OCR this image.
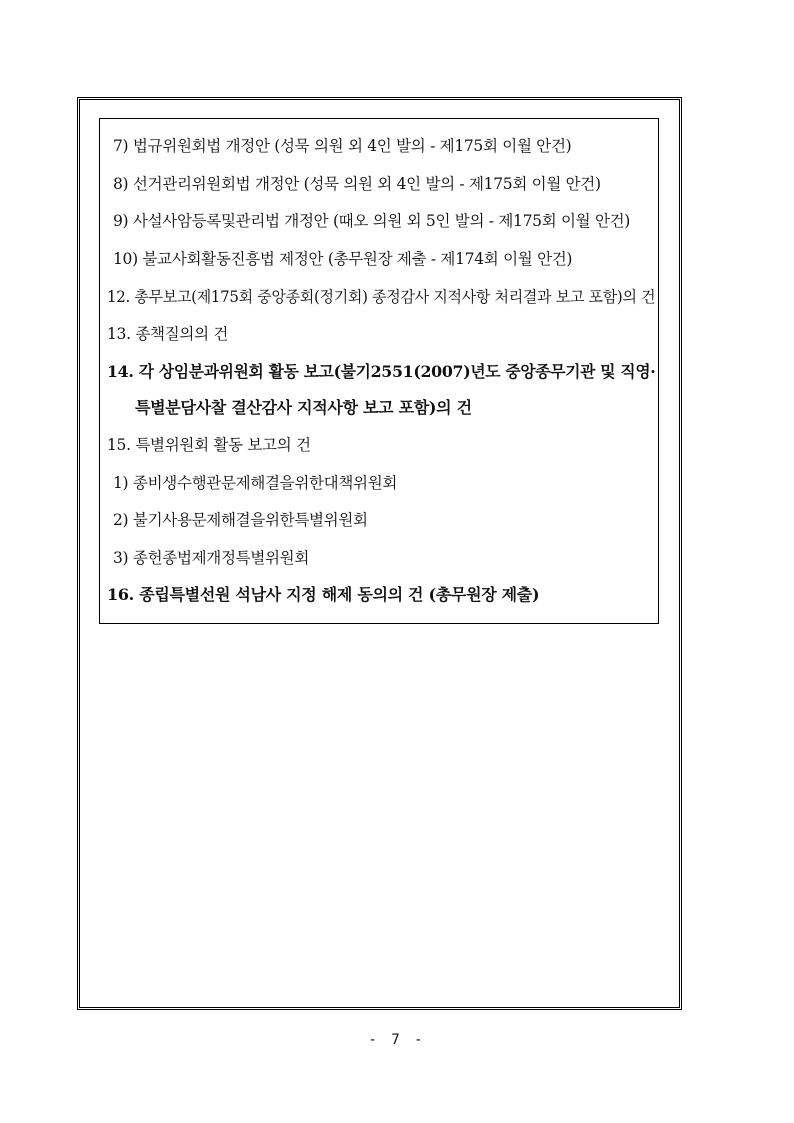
7) 법규위원회법 개정안 (성묵 의원 외 4인 발의 - 제175회 이월 안건)
8) 선거관리위원회법 개정안 (성묵 의원 외 4인 발의 - 제175회 이월 안건)
9) 사설사암등록및관리법 개정안 (때오 의원 외 5인 발의 - 제175회 이월 안건)
10) 불교사회활동진흥법 제정안 (총무원장 제출 - 제174회 이월 안건)
12. 총무보고(제175회 중앙종회(정기회) 종정감사 지적사항 처리결과 보고 포함)의 건
13. 종책질의의 건
14. 각 상임분과위원회 활동 보고(불기2551(2007)년도 중앙종무기관 및 직영·
특별분담사찰 결산감사 지적사항 보고 포함)의 건
15. 특별위원회 활동 보고의 건
1) 종비생수행관문제해결을위한대책위원회
2) 불기사용문제해결을위한특별위원회
3) 종헌종법제개정특별위원회
16. 종립특별선원 석남사 지정 해제 동의의 건 (총무원장 제출)
- 7 -
